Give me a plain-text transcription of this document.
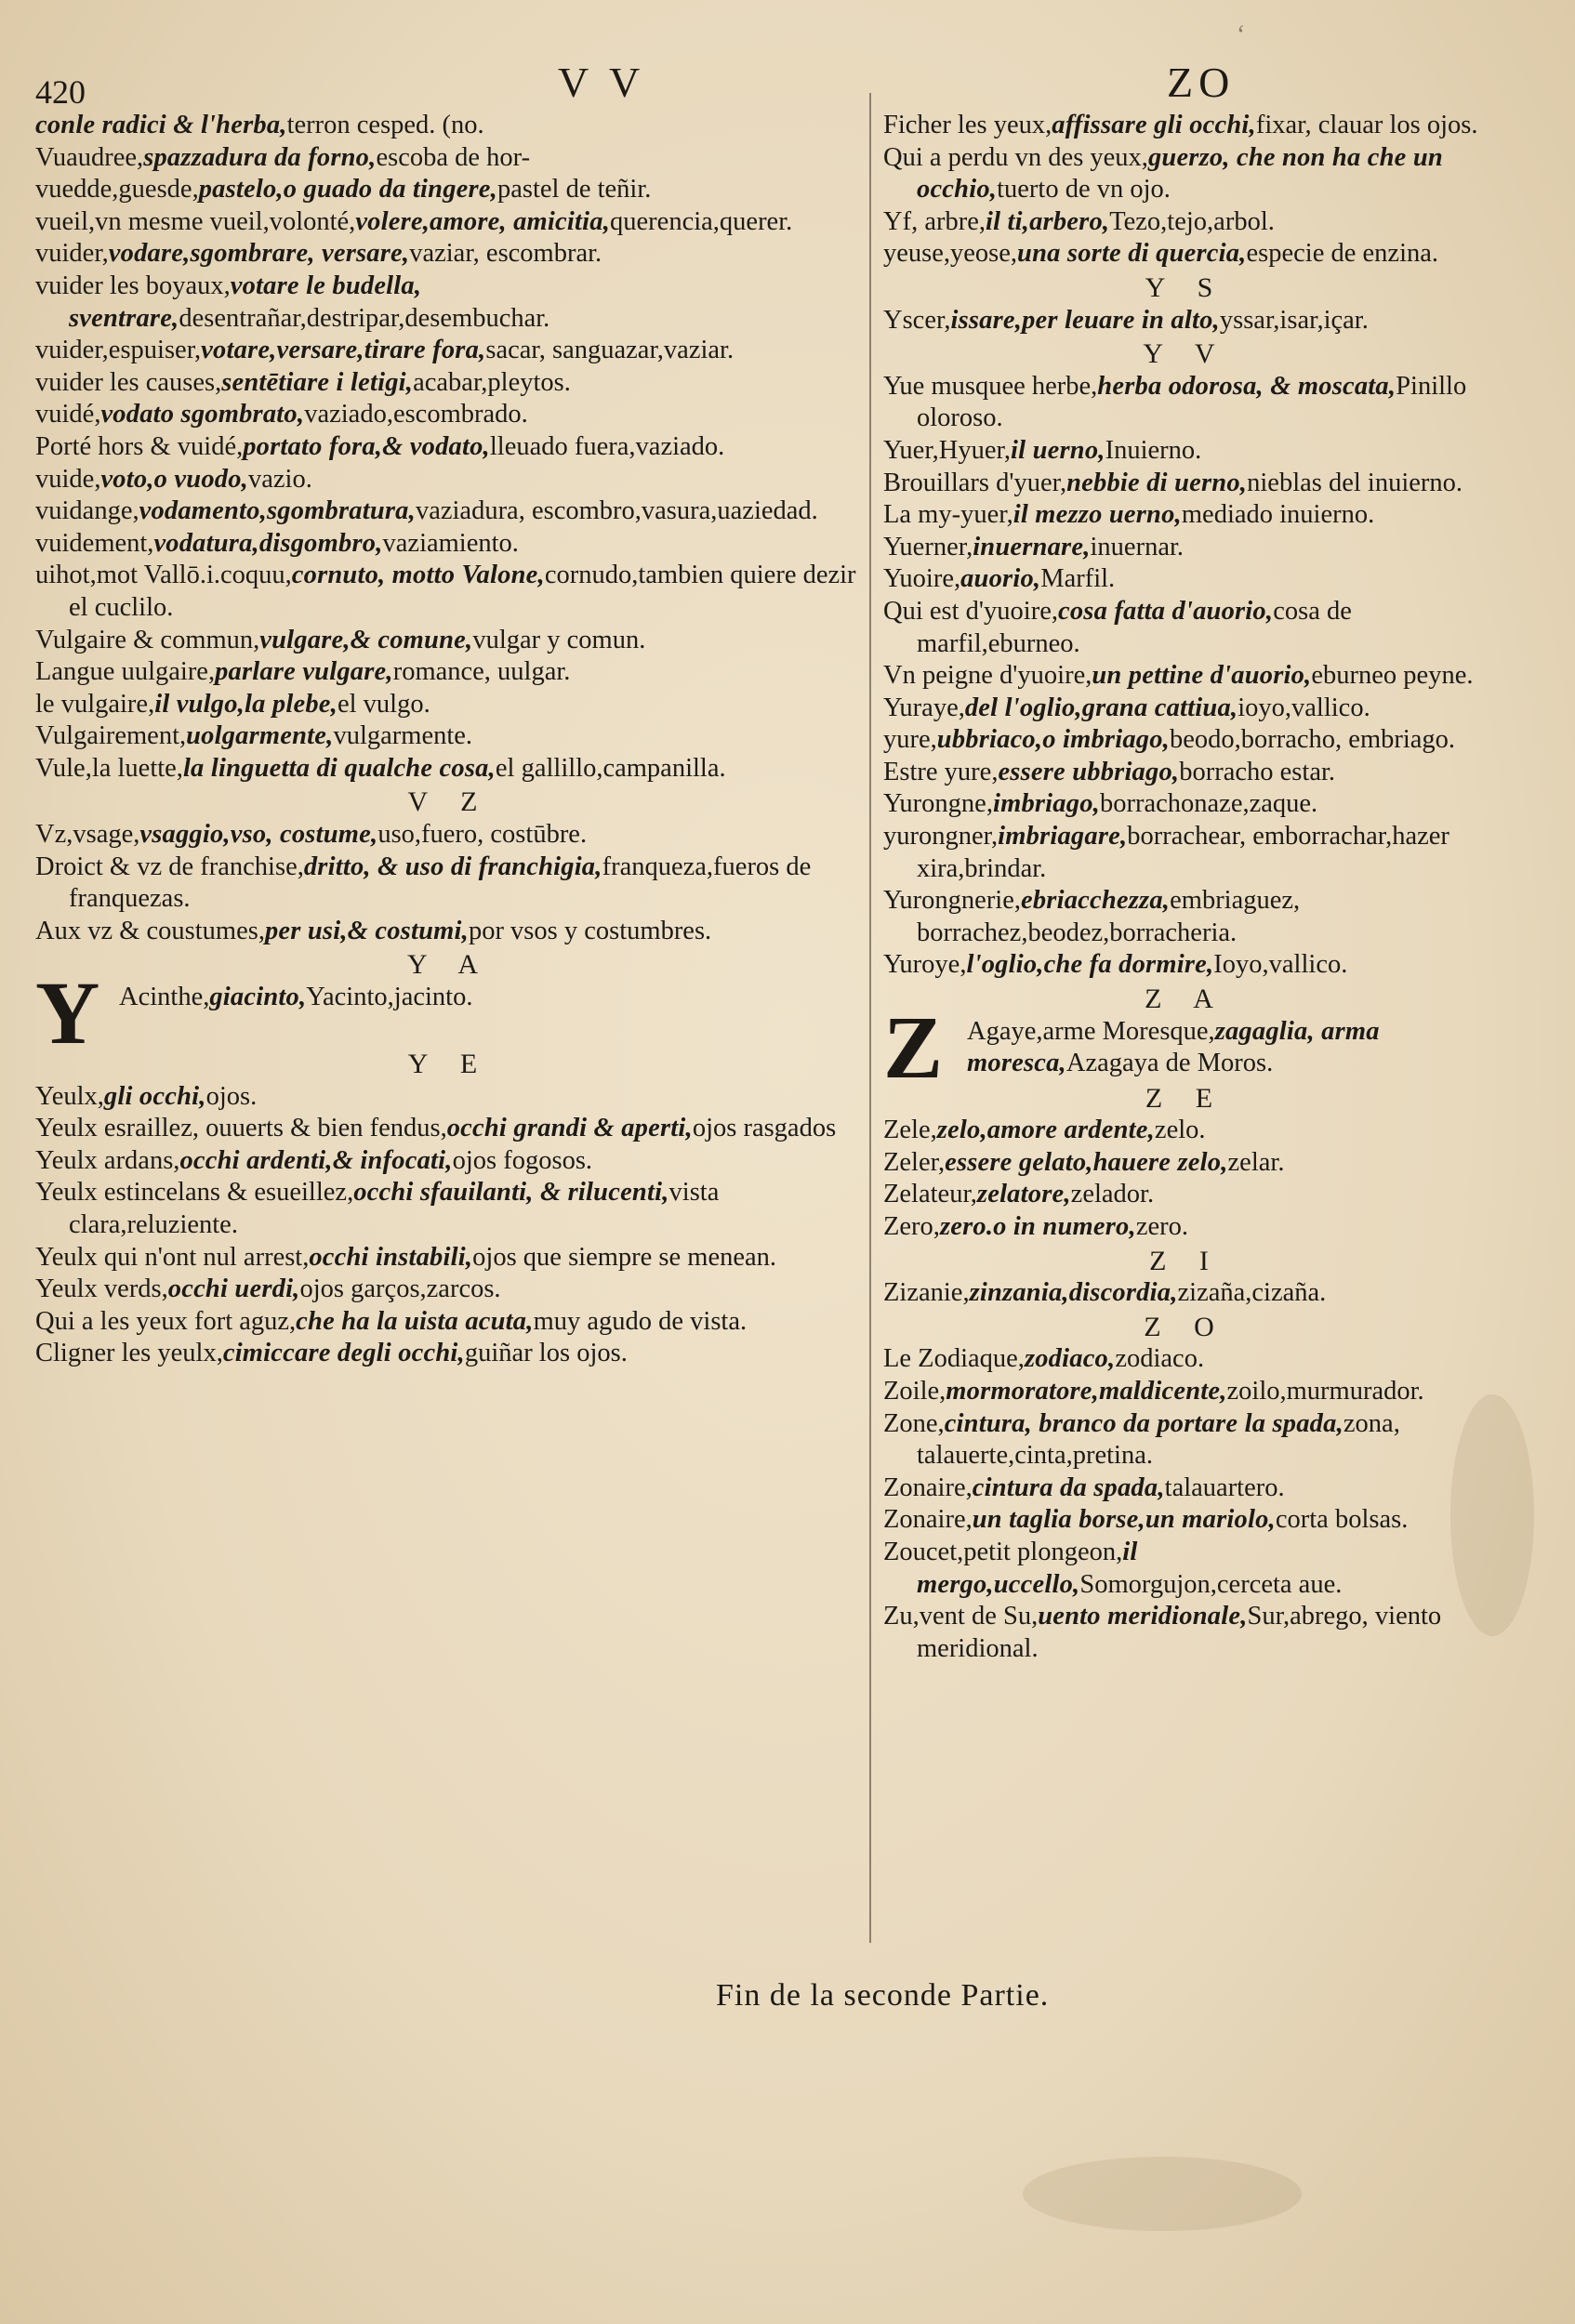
420	V V	ZO
‘

conle radici & l'herba,terron cesped. (no.

Vuaudree,spazzadura da forno,escoba de hor-

vuedde,guesde,pastelo,o guado da tingere,pastel de teñir.

vueil,vn mesme vueil,volonté,volere,amore, amicitia,querencia,querer.

vuider,vodare,sgombrare, versare,vaziar, escombrar.

vuider les boyaux,votare le budella, sventrare,desentrañar,destripar,desembuchar.

vuider,espuiser,votare,versare,tirare fora,sacar, sanguazar,vaziar.

vuider les causes,sentētiare i letigi,acabar,pleytos.

vuidé,vodato sgombrato,vaziado,escombrado.

Porté hors & vuidé,portato fora,& vodato,lleuado fuera,vaziado.

vuide,voto,o vuodo,vazio.

vuidange,vodamento,sgombratura,vaziadura, escombro,vasura,uaziedad.

vuidement,vodatura,disgombro,vaziamiento.

uihot,mot Vallō.i.coquu,cornuto, motto Valone,cornudo,tambien quiere dezir el cuclilo.

Vulgaire & commun,vulgare,& comune,vulgar y comun.

Langue uulgaire,parlare vulgare,romance, uulgar.

le vulgaire,il vulgo,la plebe,el vulgo.

Vulgairement,uolgarmente,vulgarmente.

Vule,la luette,la linguetta di qualche cosa,el gallillo,campanilla.

V Z

Vz,vsage,vsaggio,vso, costume,uso,fuero, costūbre.

Droict & vz de franchise,dritto, & uso di franchigia,franqueza,fueros de franquezas.

Aux vz & coustumes,per usi,& costumi,por vsos y costumbres.

Y A

Y Acinthe,giacinto,Yacinto,jacinto.

Y E

Yeulx,gli occhi,ojos.

Yeulx esraillez, ouuerts & bien fendus,occhi grandi & aperti,ojos rasgados

Yeulx ardans,occhi ardenti,& infocati,ojos fogosos.

Yeulx estincelans & esueillez,occhi sfauilanti, & rilucenti,vista clara,reluziente.

Yeulx qui n'ont nul arrest,occhi instabili,ojos que siempre se menean.

Yeulx verds,occhi uerdi,ojos garços,zarcos.

Qui a les yeux fort aguz,che ha la uista acuta,muy agudo de vista.

Cligner les yeulx,cimiccare degli occhi,guiñar los ojos.

Ficher les yeux,affissare gli occhi,fixar, clauar los ojos.

Qui a perdu vn des yeux,guerzo, che non ha che un occhio,tuerto de vn ojo.

Yf, arbre,il ti,arbero,Tezo,tejo,arbol.

yeuse,yeose,una sorte di quercia,especie de enzina.

Y S

Yscer,issare,per leuare in alto,yssar,isar,içar.

Y V

Yue musquee herbe,herba odorosa, & moscata,Pinillo oloroso.

Yuer,Hyuer,il uerno,Inuierno.

Brouillars d'yuer,nebbie di uerno,nieblas del inuierno.

La my-yuer,il mezzo uerno,mediado inuierno.

Yuerner,inuernare,inuernar.

Yuoire,auorio,Marfil.

Qui est d'yuoire,cosa fatta d'auorio,cosa de marfil,eburneo.

Vn peigne d'yuoire,un pettine d'auorio,eburneo peyne.

Yuraye,del l'oglio,grana cattiua,ioyo,vallico.

yure,ubbriaco,o imbriago,beodo,borracho, embriago.

Estre yure,essere ubbriago,borracho estar.

Yurongne,imbriago,borrachonaze,zaque.

yurongner,imbriagare,borrachear, emborrachar,hazer xira,brindar.

Yurongnerie,ebriacchezza,embriaguez, borrachez,beodez,borracheria.

Yuroye,l'oglio,che fa dormire,Ioyo,vallico.

Z A

Z Agaye,arme Moresque,zagaglia, arma moresca,Azagaya de Moros.

Z E

Zele,zelo,amore ardente,zelo.

Zeler,essere gelato,hauere zelo,zelar.

Zelateur,zelatore,zelador.

Zero,zero.o in numero,zero.

Z I

Zizanie,zinzania,discordia,zizaña,cizaña.

Z O

Le Zodiaque,zodiaco,zodiaco.

Zoile,mormoratore,maldicente,zoilo,murmurador.

Zone,cintura, branco da portare la spada,zona, talauerte,cinta,pretina.

Zonaire,cintura da spada,talauartero.

Zonaire,un taglia borse,un mariolo,corta bolsas.

Zoucet,petit plongeon,il mergo,uccello,Somorgujon,cerceta aue.

Zu,vent de Su,uento meridionale,Sur,abrego, viento meridional.

Fin de la seconde Partie.
